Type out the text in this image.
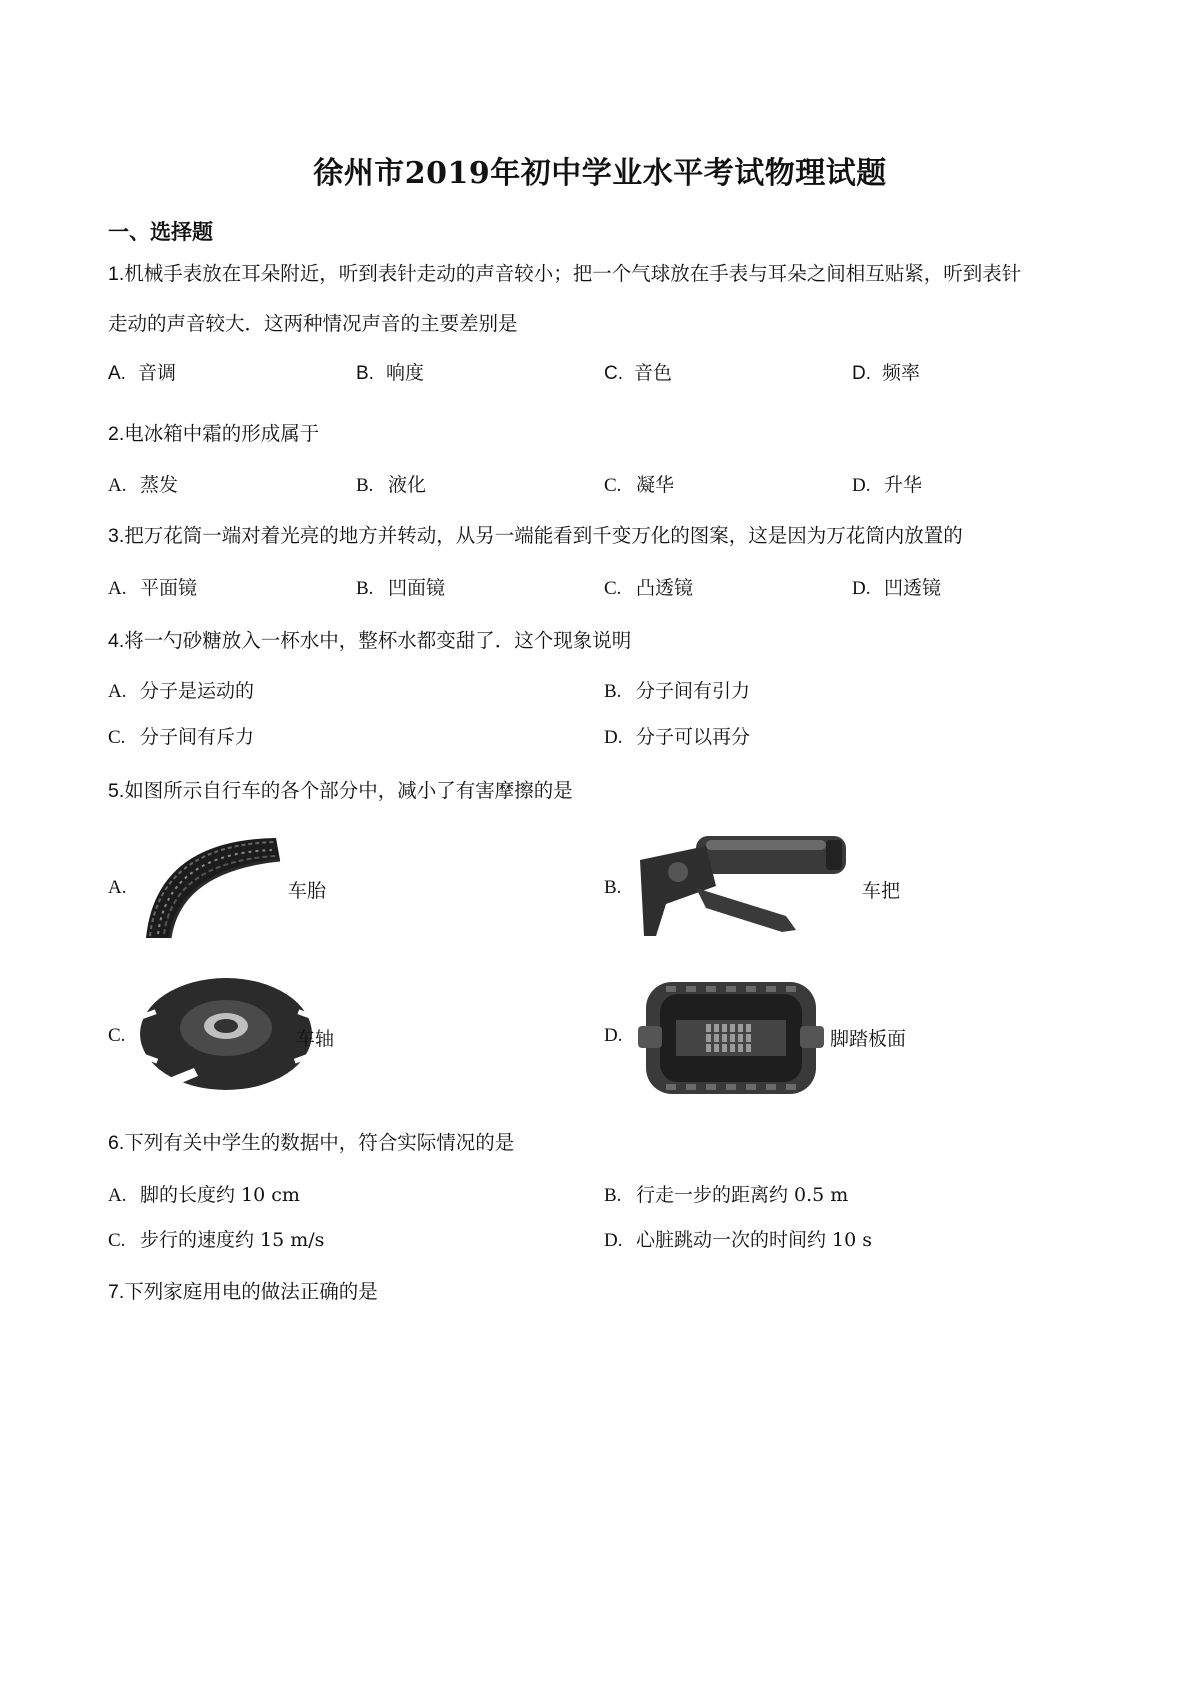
徐州市2019年初中学业水平考试物理试题
一、选择题
1.机械手表放在耳朵附近，听到表针走动的声音较小；把一个气球放在手表与耳朵之间相互贴紧，听到表针
走动的声音较大．这两种情况声音的主要差别是
A. 音调	B. 响度	C. 音色	D. 频率
2.电冰箱中霜的形成属于
A. 蒸发	B. 液化	C. 凝华	D. 升华
3.把万花筒一端对着光亮的地方并转动，从另一端能看到千变万化的图案，这是因为万花筒内放置的
A. 平面镜	B. 凹面镜	C. 凸透镜	D. 凹透镜
4.将一勺砂糖放入一杯水中，整杯水都变甜了．这个现象说明
A. 分子是运动的	B. 分子间有引力
C. 分子间有斥力	D. 分子可以再分
5.如图所示自行车的各个部分中，减小了有害摩擦的是
A.	车胎	B.	车把
C.	车轴	D.	脚踏板面
6.下列有关中学生的数据中，符合实际情况的是
A. 脚的长度约 10 cm	B. 行走一步的距离约 0.5 m
C. 步行的速度约 15 m/s	D. 心脏跳动一次的时间约 10 s
7.下列家庭用电的做法正确的是
